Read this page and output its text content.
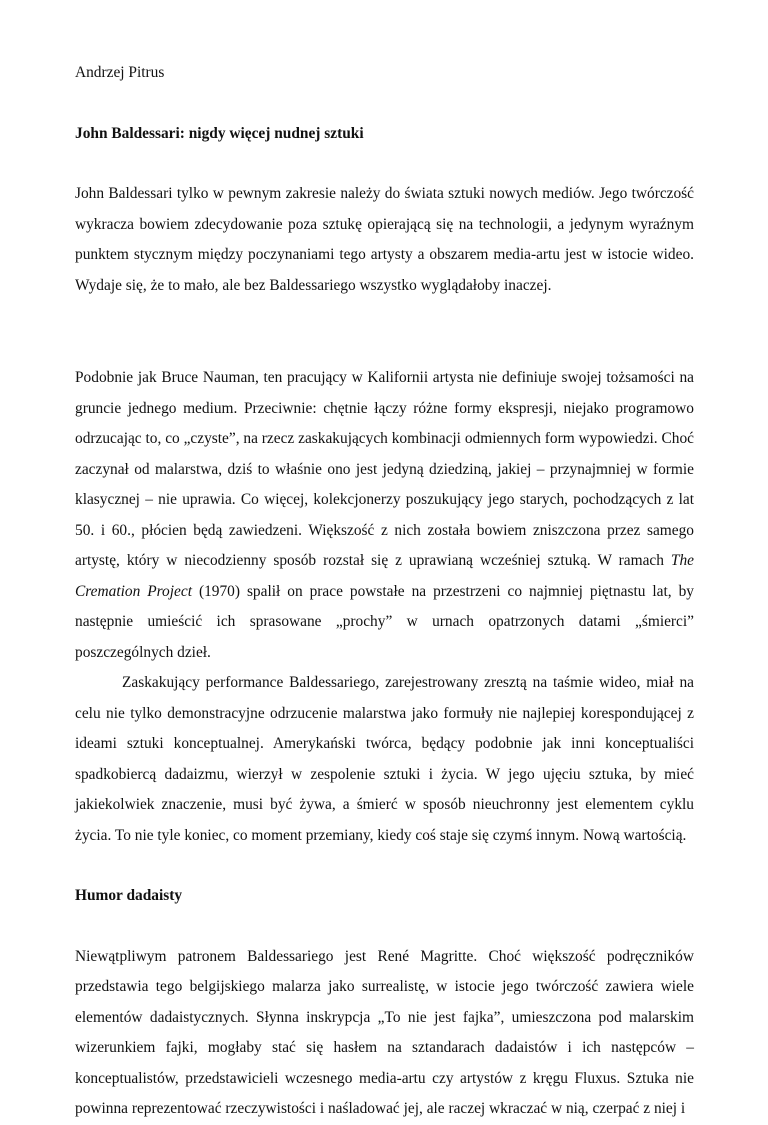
Andrzej Pitrus

John Baldessari: nigdy więcej nudnej sztuki

John Baldessari tylko w pewnym zakresie należy do świata sztuki nowych mediów. Jego twórczość wykracza bowiem zdecydowanie poza sztukę opierającą się na technologii, a jedynym wyraźnym punktem stycznym między poczynaniami tego artysty a obszarem media-artu jest w istocie wideo. Wydaje się, że to mało, ale bez Baldessariego wszystko wyglądałoby inaczej.

Podobnie jak Bruce Nauman, ten pracujący w Kalifornii artysta nie definiuje swojej tożsamości na gruncie jednego medium. Przeciwnie: chętnie łączy różne formy ekspresji, niejako programowo odrzucając to, co „czyste”, na rzecz zaskakujących kombinacji odmiennych form wypowiedzi. Choć zaczynał od malarstwa, dziś to właśnie ono jest jedyną dziedziną, jakiej – przynajmniej w formie klasycznej – nie uprawia. Co więcej, kolekcjonerzy poszukujący jego starych, pochodzących z lat 50. i 60., płócien będą zawiedzeni. Większość z nich została bowiem zniszczona przez samego artystę, który w niecodzienny sposób rozstał się z uprawianą wcześniej sztuką. W ramach The Cremation Project (1970) spalił on prace powstałe na przestrzeni co najmniej piętnastu lat, by następnie umieścić ich sprasowane „prochy” w urnach opatrzonych datami „śmierci” poszczególnych dzieł.

Zaskakujący performance Baldessariego, zarejestrowany zresztą na taśmie wideo, miał na celu nie tylko demonstracyjne odrzucenie malarstwa jako formuły nie najlepiej korespondującej z ideami sztuki konceptualnej. Amerykański twórca, będący podobnie jak inni konceptualiści spadkobiercą dadaizmu, wierzył w zespolenie sztuki i życia. W jego ujęciu sztuka, by mieć jakiekolwiek znaczenie, musi być żywa, a śmierć w sposób nieuchronny jest elementem cyklu życia. To nie tyle koniec, co moment przemiany, kiedy coś staje się czymś innym. Nową wartością.

Humor dadaisty

Niewątpliwym patronem Baldessariego jest René Magritte. Choć większość podręczników przedstawia tego belgijskiego malarza jako surrealistę, w istocie jego twórczość zawiera wiele elementów dadaistycznych. Słynna inskrypcja „To nie jest fajka”, umieszczona pod malarskim wizerunkiem fajki, mogłaby stać się hasłem na sztandarach dadaistów i ich następców – konceptualistów, przedstawicieli wczesnego media-artu czy artystów z kręgu Fluxus. Sztuka nie powinna reprezentować rzeczywistości i naśladować jej, ale raczej wkraczać w nią, czerpać z niej i
